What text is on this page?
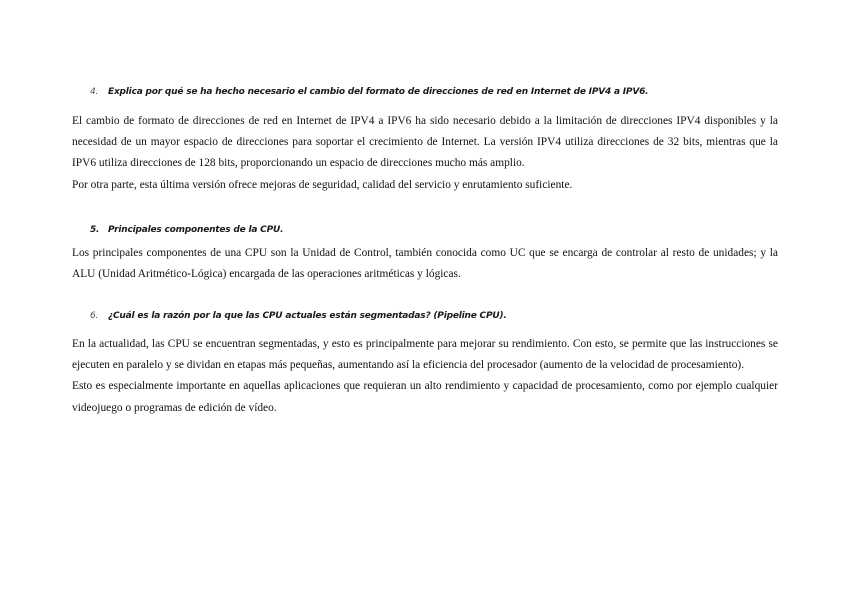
4. Explica por qué se ha hecho necesario el cambio del formato de direcciones de red en Internet de IPV4 a IPV6.

El cambio de formato de direcciones de red en Internet de IPV4 a IPV6 ha sido necesario debido a la limitación de direcciones IPV4 disponibles y la necesidad de un mayor espacio de direcciones para soportar el crecimiento de Internet. La versión IPV4 utiliza direcciones de 32 bits, mientras que la IPV6 utiliza direcciones de 128 bits, proporcionando un espacio de direcciones mucho más amplio.

Por otra parte, esta última versión ofrece mejoras de seguridad, calidad del servicio y enrutamiento suficiente.

5. Principales componentes de la CPU.

Los principales componentes de una CPU son la Unidad de Control, también conocida como UC que se encarga de controlar al resto de unidades; y la ALU (Unidad Aritmético-Lógica) encargada de las operaciones aritméticas y lógicas.

6. ¿Cuál es la razón por la que las CPU actuales están segmentadas? (Pipeline CPU).

En la actualidad, las CPU se encuentran segmentadas, y esto es principalmente para mejorar su rendimiento. Con esto, se permite que las instrucciones se ejecuten en paralelo y se dividan en etapas más pequeñas, aumentando así la eficiencia del procesador (aumento de la velocidad de procesamiento).

Esto es especialmente importante en aquellas aplicaciones que requieran un alto rendimiento y capacidad de procesamiento, como por ejemplo cualquier videojuego o programas de edición de vídeo.
